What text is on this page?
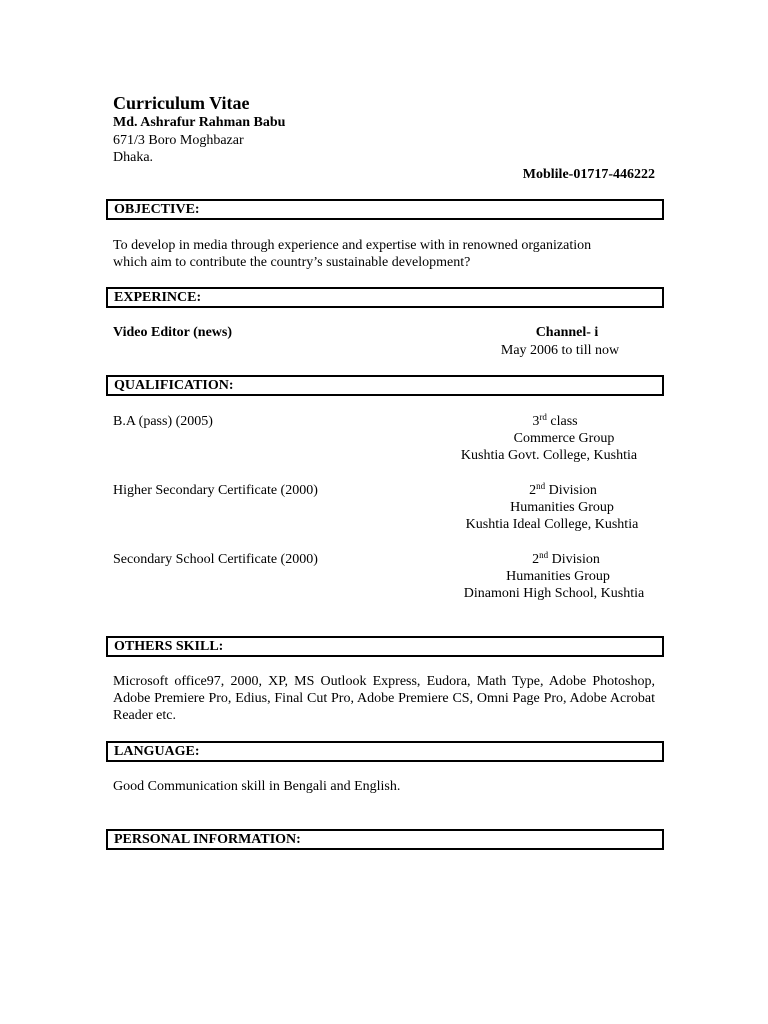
Curriculum Vitae
Md. Ashrafur Rahman Babu
671/3 Boro Moghbazar
Dhaka.
Moblile-01717-446222
OBJECTIVE:
To develop in media through experience and expertise with in renowned organization
which aim to contribute the country’s sustainable development?
EXPERINCE:
Video Editor (news)	Channel- i
May 2006 to till now
QUALIFICATION:
B.A (pass) (2005)	3rd class
Commerce Group
Kushtia Govt. College, Kushtia
Higher Secondary Certificate (2000)	2nd Division
Humanities Group
Kushtia Ideal College, Kushtia
Secondary School Certificate (2000)	2nd Division
Humanities Group
Dinamoni High School, Kushtia
OTHERS SKILL:
Microsoft office97, 2000, XP, MS Outlook Express, Eudora, Math Type, Adobe Photoshop, Adobe Premiere Pro, Edius, Final Cut Pro, Adobe Premiere CS, Omni Page Pro, Adobe Acrobat Reader etc.
LANGUAGE:
Good Communication skill in Bengali and English.
PERSONAL INFORMATION:
